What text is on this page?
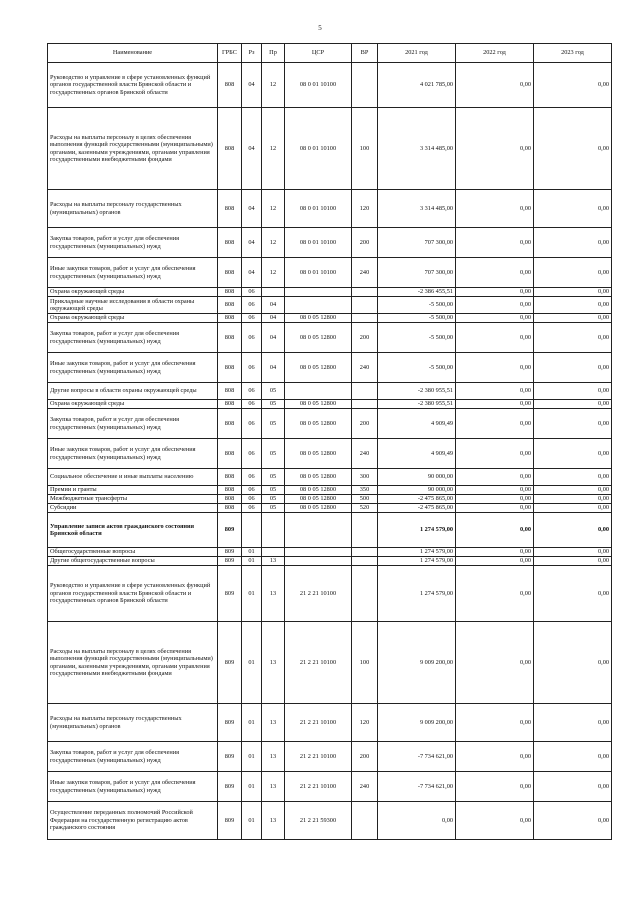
5
Наименование	ГРБС	Рз	Пр	ЦСР	ВР	2021 год	2022 год	2023 год
Руководство и управление в сфере установленных функций органов государственной власти Брянской области и государственных органов Брянской области	808	04	12	08 0 01 10100		4 021 785,00	0,00	0,00
Расходы на выплаты персоналу в целях обеспечения выполнения функций государственными (муниципальными) органами, казенными учреждениями, органами управления государственными внебюджетными фондами	808	04	12	08 0 01 10100	100	3 314 485,00	0,00	0,00
Расходы на выплаты персоналу государственных (муниципальных) органов	808	04	12	08 0 01 10100	120	3 314 485,00	0,00	0,00
Закупка товаров, работ и услуг для обеспечения государственных (муниципальных) нужд	808	04	12	08 0 01 10100	200	707 300,00	0,00	0,00
Иные закупки товаров, работ и услуг для обеспечения государственных (муниципальных) нужд	808	04	12	08 0 01 10100	240	707 300,00	0,00	0,00
Охрана окружающей среды	808	06				-2 386 455,51	0,00	0,00
Прикладные научные исследования в области охраны окружающей среды	808	06	04			-5 500,00	0,00	0,00
Охрана окружающей среды	808	06	04	08 0 05 12800		-5 500,00	0,00	0,00
Закупка товаров, работ и услуг для обеспечения государственных (муниципальных) нужд	808	06	04	08 0 05 12800	200	-5 500,00	0,00	0,00
Иные закупки товаров, работ и услуг для обеспечения государственных (муниципальных) нужд	808	06	04	08 0 05 12800	240	-5 500,00	0,00	0,00
Другие вопросы в области охраны окружающей среды	808	06	05			-2 380 955,51	0,00	0,00
Охрана окружающей среды	808	06	05	08 0 05 12800		-2 380 955,51	0,00	0,00
Закупка товаров, работ и услуг для обеспечения государственных (муниципальных) нужд	808	06	05	08 0 05 12800	200	4 909,49	0,00	0,00
Иные закупки товаров, работ и услуг для обеспечения государственных (муниципальных) нужд	808	06	05	08 0 05 12800	240	4 909,49	0,00	0,00
Социальное обеспечение и иные выплаты населению	808	06	05	08 0 05 12800	300	90 000,00	0,00	0,00
Премии и гранты	808	06	05	08 0 05 12800	350	90 000,00	0,00	0,00
Межбюджетные трансферты	808	06	05	08 0 05 12800	500	-2 475 865,00	0,00	0,00
Субсидии	808	06	05	08 0 05 12800	520	-2 475 865,00	0,00	0,00
Управление записи актов гражданского состояния Брянской области	809					1 274 579,00	0,00	0,00
Общегосударственные вопросы	809	01				1 274 579,00	0,00	0,00
Другие общегосударственные вопросы	809	01	13			1 274 579,00	0,00	0,00
Руководство и управление в сфере установленных функций органов государственной власти Брянской области и государственных органов Брянской области	809	01	13	21 2 21 10100		1 274 579,00	0,00	0,00
Расходы на выплаты персоналу в целях обеспечения выполнения функций государственными (муниципальными) органами, казенными учреждениями, органами управления государственными внебюджетными фондами	809	01	13	21 2 21 10100	100	9 009 200,00	0,00	0,00
Расходы на выплаты персоналу государственных (муниципальных) органов	809	01	13	21 2 21 10100	120	9 009 200,00	0,00	0,00
Закупка товаров, работ и услуг для обеспечения государственных (муниципальных) нужд	809	01	13	21 2 21 10100	200	-7 734 621,00	0,00	0,00
Иные закупки товаров, работ и услуг для обеспечения государственных (муниципальных) нужд	809	01	13	21 2 21 10100	240	-7 734 621,00	0,00	0,00
Осуществление переданных полномочий Российской Федерации на государственную регистрацию актов гражданского состояния	809	01	13	21 2 21 59300		0,00	0,00	0,00
